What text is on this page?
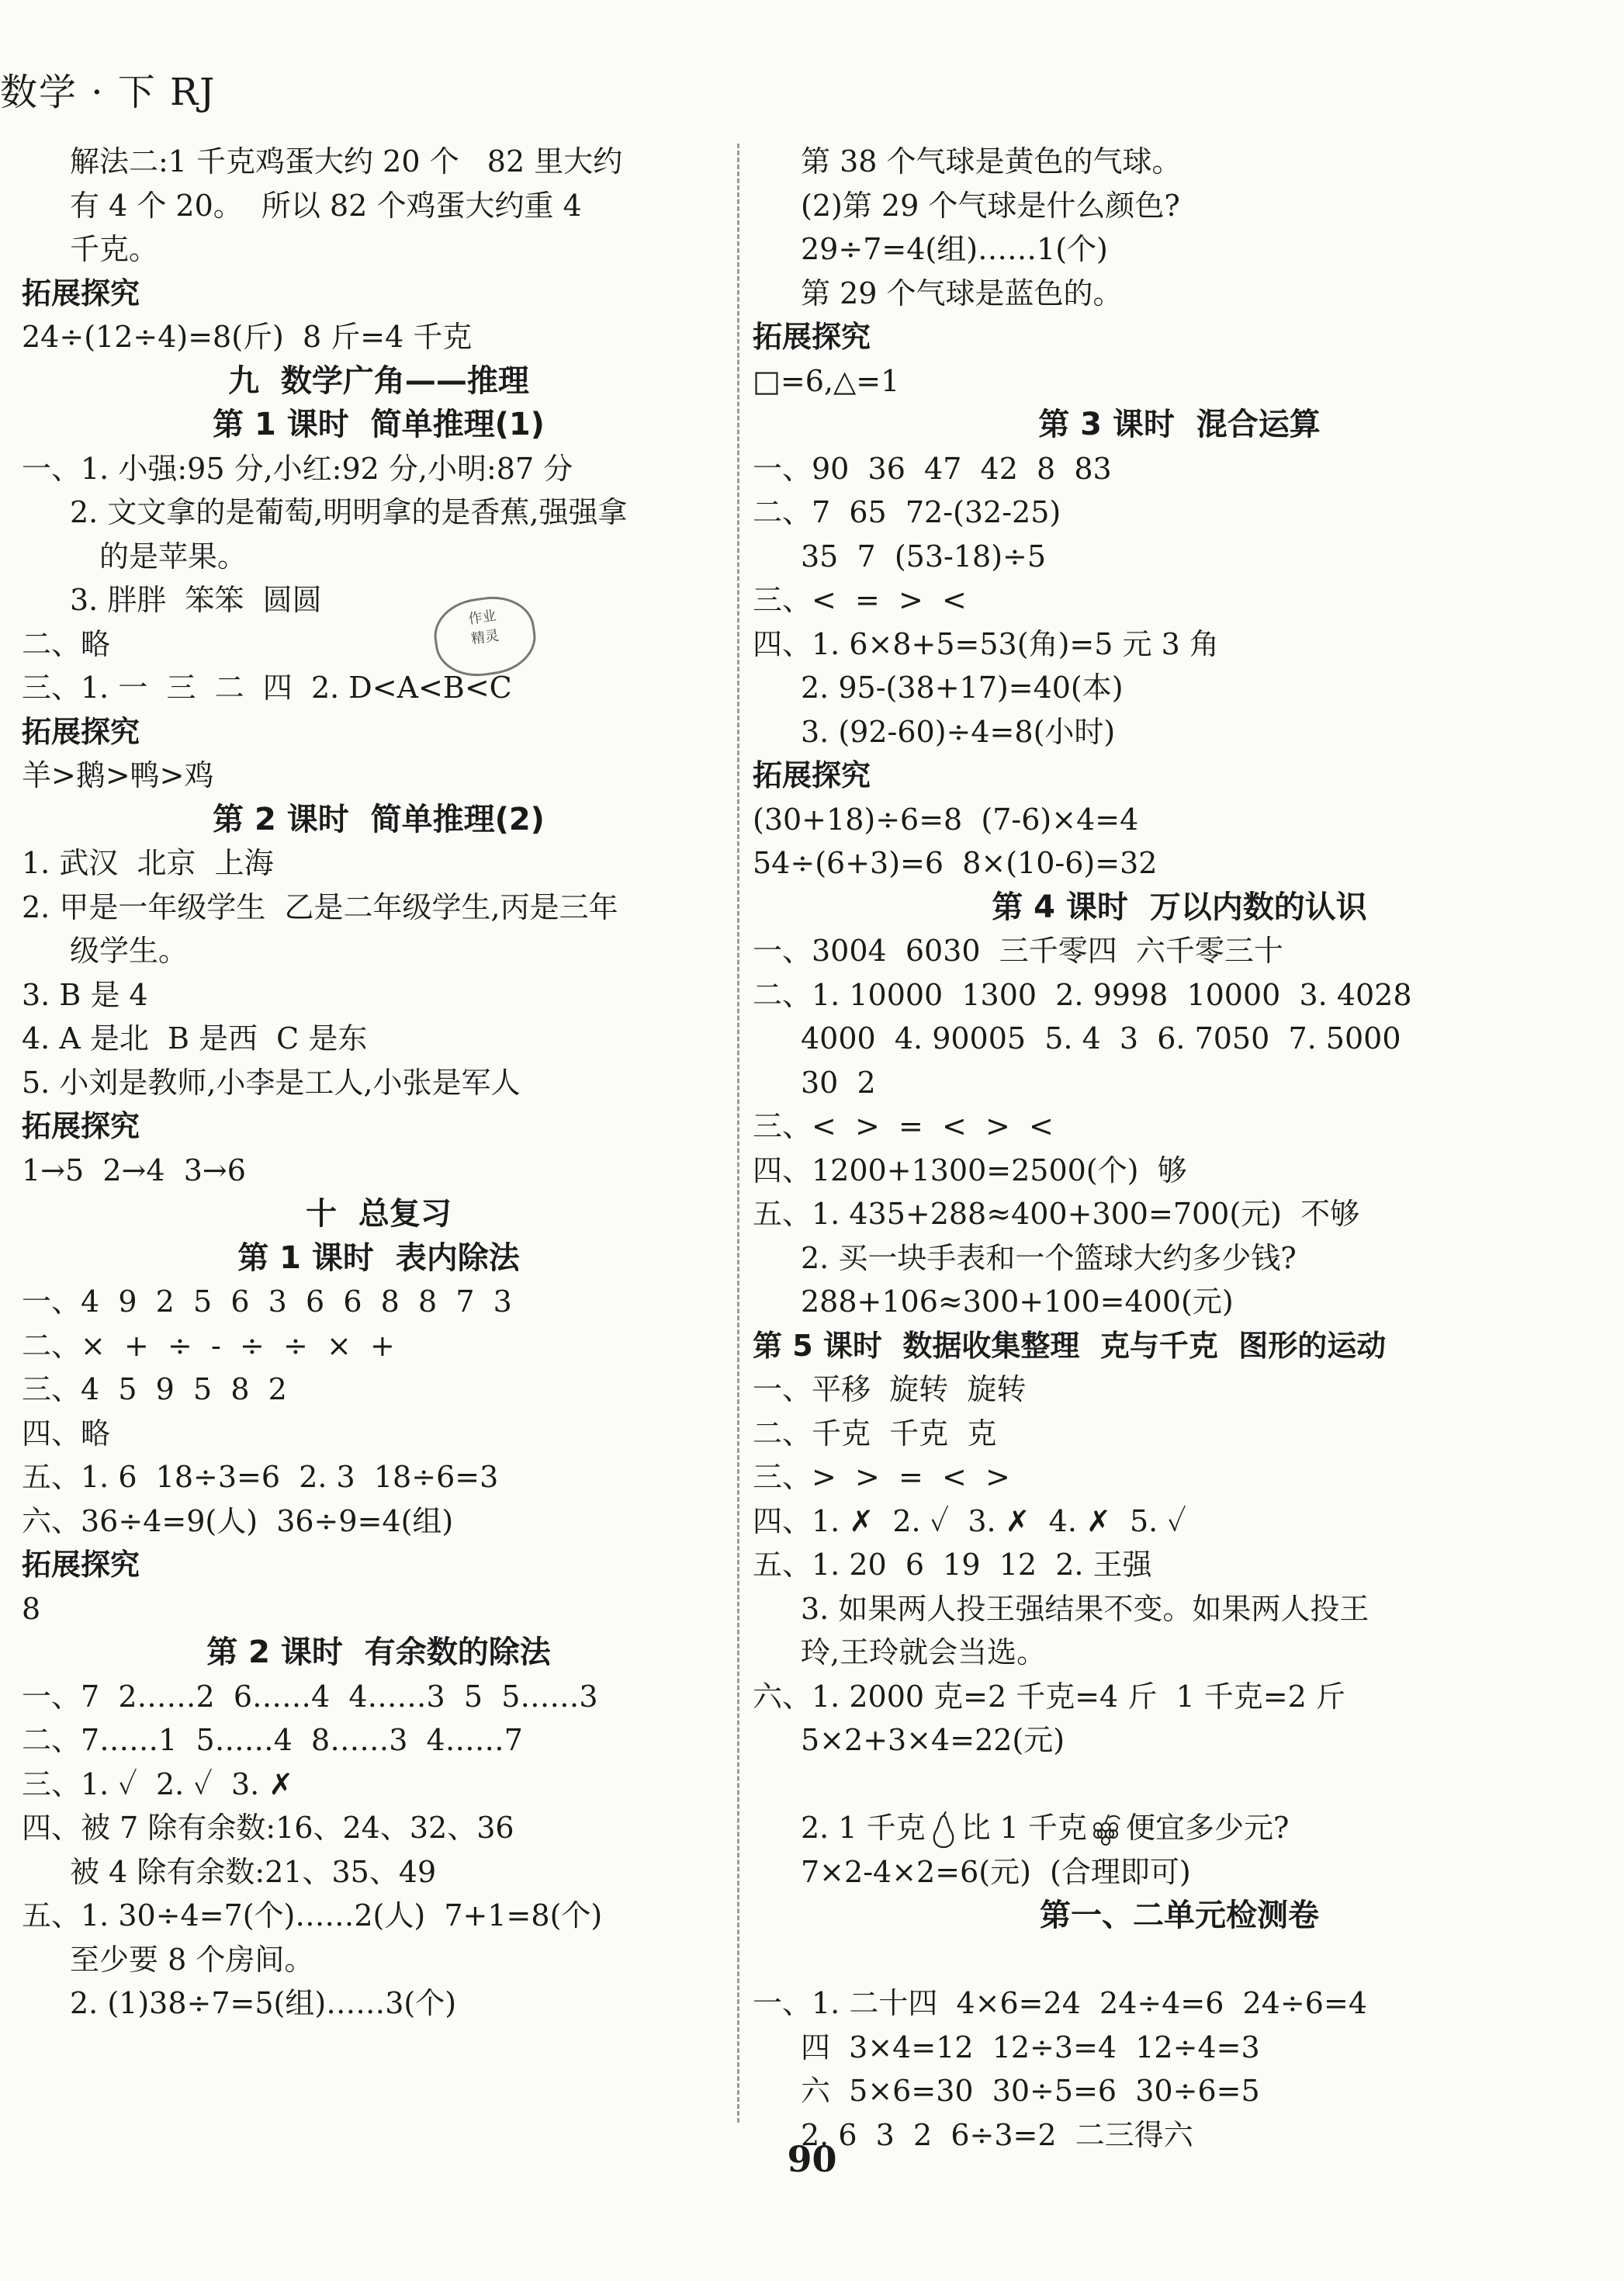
数学 · 下 RJ
解法二:1 千克鸡蛋大约 20 个   82 里大约
有 4 个 20。  所以 82 个鸡蛋大约重 4
千克。
拓展探究
24÷(12÷4)=8(斤)  8 斤=4 千克
九  数学广角——推理
第 1 课时  简单推理(1)
一、1. 小强:95 分,小红:92 分,小明:87 分
2. 文文拿的是葡萄,明明拿的是香蕉,强强拿
的是苹果。
3. 胖胖  笨笨  圆圆
二、略
三、1. 一  三  二  四  2. D<A<B<C
拓展探究
羊>鹅>鸭>鸡
第 2 课时  简单推理(2)
1. 武汉  北京  上海
2. 甲是一年级学生  乙是二年级学生,丙是三年
级学生。
3. B 是 4
4. A 是北  B 是西  C 是东
5. 小刘是教师,小李是工人,小张是军人
拓展探究
1→5  2→4  3→6
十  总复习
第 1 课时  表内除法
一、4  9  2  5  6  3  6  6  8  8  7  3
二、×  +  ÷  -  ÷  ÷  ×  +
三、4  5  9  5  8  2
四、略
五、1. 6  18÷3=6  2. 3  18÷6=3
六、36÷4=9(人)  36÷9=4(组)
拓展探究
8
第 2 课时  有余数的除法
一、7  2……2  6……4  4……3  5  5……3
二、7……1  5……4  8……3  4……7
三、1. ✓  2. ✓  3. ✗
四、被 7 除有余数:16、24、32、36
被 4 除有余数:21、35、49
五、1. 30÷4=7(个)……2(人)  7+1=8(个)
至少要 8 个房间。
2. (1)38÷7=5(组)……3(个)
第 38 个气球是黄色的气球。
(2)第 29 个气球是什么颜色?
29÷7=4(组)……1(个)
第 29 个气球是蓝色的。
拓展探究
□=6,△=1
第 3 课时  混合运算
一、90  36  47  42  8  83
二、7  65  72-(32-25)
35  7  (53-18)÷5
三、<  =  >  <
四、1. 6×8+5=53(角)=5 元 3 角
2. 95-(38+17)=40(本)
3. (92-60)÷4=8(小时)
拓展探究
(30+18)÷6=8  (7-6)×4=4
54÷(6+3)=6  8×(10-6)=32
第 4 课时  万以内数的认识
一、3004  6030  三千零四  六千零三十
二、1. 10000  1300  2. 9998  10000  3. 4028
4000  4. 90005  5. 4  3  6. 7050  7. 5000
30  2
三、<  >  =  <  >  <
四、1200+1300=2500(个)  够
五、1. 435+288≈400+300=700(元)  不够
2. 买一块手表和一个篮球大约多少钱?
288+106≈300+100=400(元)
第 5 课时  数据收集整理  克与千克  图形的运动
一、平移  旋转  旋转
二、千克  千克  克
三、>  >  =  <  >
四、1. ✗  2. ✓  3. ✗  4. ✗  5. ✓
五、1. 20  6  19  12  2. 王强
3. 如果两人投王强结果不变。如果两人投王
玲,王玲就会当选。
六、1. 2000 克=2 千克=4 斤  1 千克=2 斤
5×2+3×4=22(元)
2. 1 千克 比 1 千克 便宜多少元?
7×2-4×2=6(元)  (合理即可)
第一、二单元检测卷
一、1. 二十四  4×6=24  24÷4=6  24÷6=4
四  3×4=12  12÷3=4  12÷4=3
六  5×6=30  30÷5=6  30÷6=5
2. 6  3  2  6÷3=2  二三得六
作业
精灵
90
